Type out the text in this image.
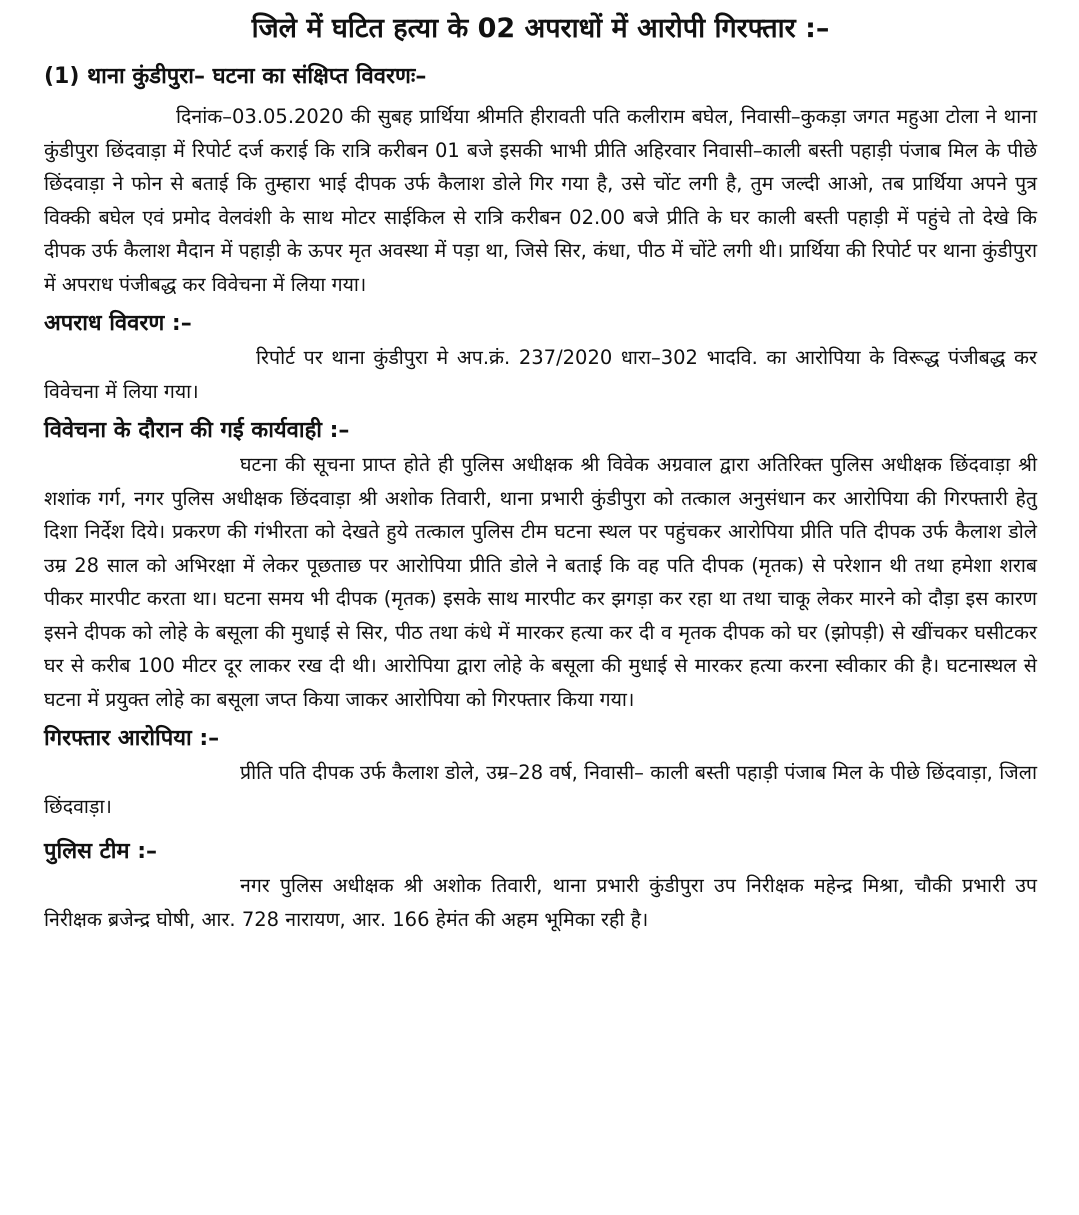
जिले में घटित हत्या के 02 अपराधों में आरोपी गिरफ्तार :–
(1) थाना कुंडीपुरा– घटना का संक्षिप्त विवरणः–

दिनांक–03.05.2020 की सुबह प्रार्थिया श्रीमति हीरावती पति कलीराम बघेल, निवासी–कुकड़ा जगत महुआ टोला ने थाना कुंडीपुरा छिंदवाड़ा में रिपोर्ट दर्ज कराई कि रात्रि करीबन 01 बजे इसकी भाभी प्रीति अहिरवार निवासी–काली बस्ती पहाड़ी पंजाब मिल के पीछे छिंदवाड़ा ने फोन से बताई कि तुम्हारा भाई दीपक उर्फ कैलाश डोले गिर गया है, उसे चोंट लगी है, तुम जल्दी आओ, तब प्रार्थिया अपने पुत्र विक्की बघेल एवं प्रमोद वेलवंशी के साथ मोटर साईकिल से रात्रि करीबन 02.00 बजे प्रीति के घर काली बस्ती पहाड़ी में पहुंचे तो देखे कि दीपक उर्फ कैलाश मैदान में पहाड़ी के ऊपर मृत अवस्था में पड़ा था, जिसे सिर, कंधा, पीठ में चोंटे लगी थी। प्रार्थिया की रिपोर्ट पर थाना कुंडीपुरा में अपराध पंजीबद्ध कर विवेचना में लिया गया।

अपराध विवरण :–

रिपोर्ट पर थाना कुंडीपुरा मे अप.क्रं. 237/2020 धारा–302 भादवि. का आरोपिया के विरूद्ध पंजीबद्ध कर विवेचना में लिया गया।

विवेचना के दौरान की गई कार्यवाही :–

घटना की सूचना प्राप्त होते ही पुलिस अधीक्षक श्री विवेक अग्रवाल द्वारा अतिरिक्त पुलिस अधीक्षक छिंदवाड़ा श्री शशांक गर्ग, नगर पुलिस अधीक्षक छिंदवाड़ा श्री अशोक तिवारी, थाना प्रभारी कुंडीपुरा को तत्काल अनुसंधान कर आरोपिया की गिरफ्तारी हेतु दिशा निर्देश दिये। प्रकरण की गंभीरता को देखते हुये तत्काल पुलिस टीम घटना स्थल पर पहुंचकर आरोपिया प्रीति पति दीपक उर्फ कैलाश डोले उम्र 28 साल को अभिरक्षा में लेकर पूछताछ पर आरोपिया प्रीति डोले ने बताई कि वह पति दीपक (मृतक) से परेशान थी तथा हमेशा शराब पीकर मारपीट करता था। घटना समय भी दीपक (मृतक) इसके साथ मारपीट कर झगड़ा कर रहा था तथा चाकू लेकर मारने को दौड़ा इस कारण इसने दीपक को लोहे के बसूला की मुधाई से सिर, पीठ तथा कंधे में मारकर हत्या कर दी व मृतक दीपक को घर (झोपड़ी) से खींचकर घसीटकर घर से करीब 100 मीटर दूर लाकर रख दी थी। आरोपिया द्वारा लोहे के बसूला की मुधाई से मारकर हत्या करना स्वीकार की है। घटनास्थल से घटना में प्रयुक्त लोहे का बसूला जप्त किया जाकर आरोपिया को गिरफ्तार किया गया।

गिरफ्तार आरोपिया :–

प्रीति पति दीपक उर्फ कैलाश डोले, उम्र–28 वर्ष, निवासी– काली बस्ती पहाड़ी पंजाब मिल के पीछे छिंदवाड़ा, जिला छिंदवाड़ा।

पुलिस टीम :–

नगर पुलिस अधीक्षक श्री अशोक तिवारी, थाना प्रभारी कुंडीपुरा उप निरीक्षक महेन्द्र मिश्रा, चौकी प्रभारी उप निरीक्षक ब्रजेन्द्र घोषी, आर. 728 नारायण, आर. 166 हेमंत की अहम भूमिका रही है।
